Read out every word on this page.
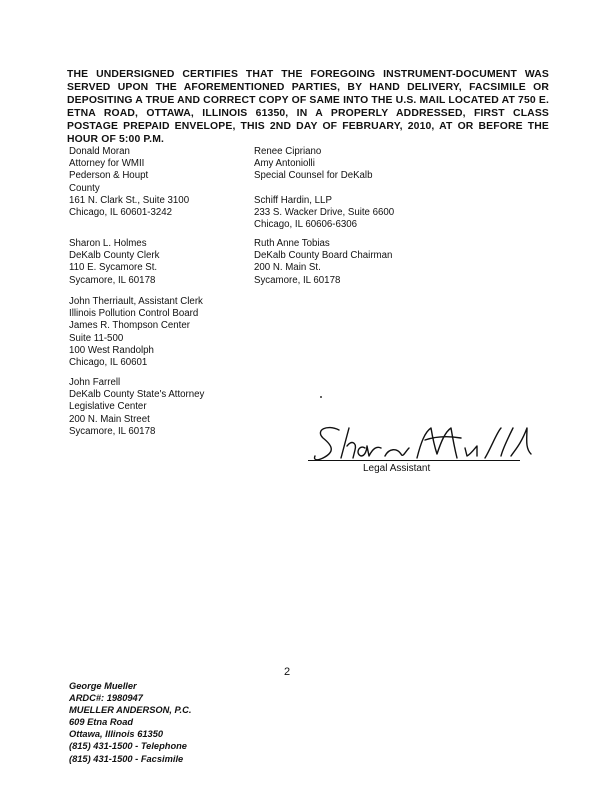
THE UNDERSIGNED CERTIFIES THAT THE FOREGOING INSTRUMENT-DOCUMENT WAS SERVED UPON THE AFOREMENTIONED PARTIES, BY HAND DELIVERY, FACSIMILE OR DEPOSITING A TRUE AND CORRECT COPY OF SAME INTO THE U.S. MAIL LOCATED AT 750 E. ETNA ROAD, OTTAWA, ILLINOIS 61350, IN A PROPERLY ADDRESSED, FIRST CLASS POSTAGE PREPAID ENVELOPE, THIS 2ND DAY OF FEBRUARY, 2010, AT OR BEFORE THE HOUR OF 5:00 P.M.
Donald Moran
Attorney for WMII
Pederson & Houpt
County
161 N. Clark St., Suite 3100
Chicago, IL 60601-3242
Renee Cipriano
Amy Antoniolli
Special Counsel for DeKalb
Schiff Hardin, LLP
233 S. Wacker Drive, Suite 6600
Chicago, IL 60606-6306
Sharon L. Holmes
DeKalb County Clerk
110 E. Sycamore St.
Sycamore, IL 60178
Ruth Anne Tobias
DeKalb County Board Chairman
200 N. Main St.
Sycamore, IL 60178
John Therriault, Assistant Clerk
Illinois Pollution Control Board
James R. Thompson Center
Suite 11-500
100 West Randolph
Chicago, IL 60601
John Farrell
DeKalb County State's Attorney
Legislative Center
200 N. Main Street
Sycamore, IL 60178
Legal Assistant
2
George Mueller
ARDC#: 1980947
MUELLER ANDERSON, P.C.
609 Etna Road
Ottawa, Illinois 61350
(815) 431-1500 - Telephone
(815) 431-1500 - Facsimile
